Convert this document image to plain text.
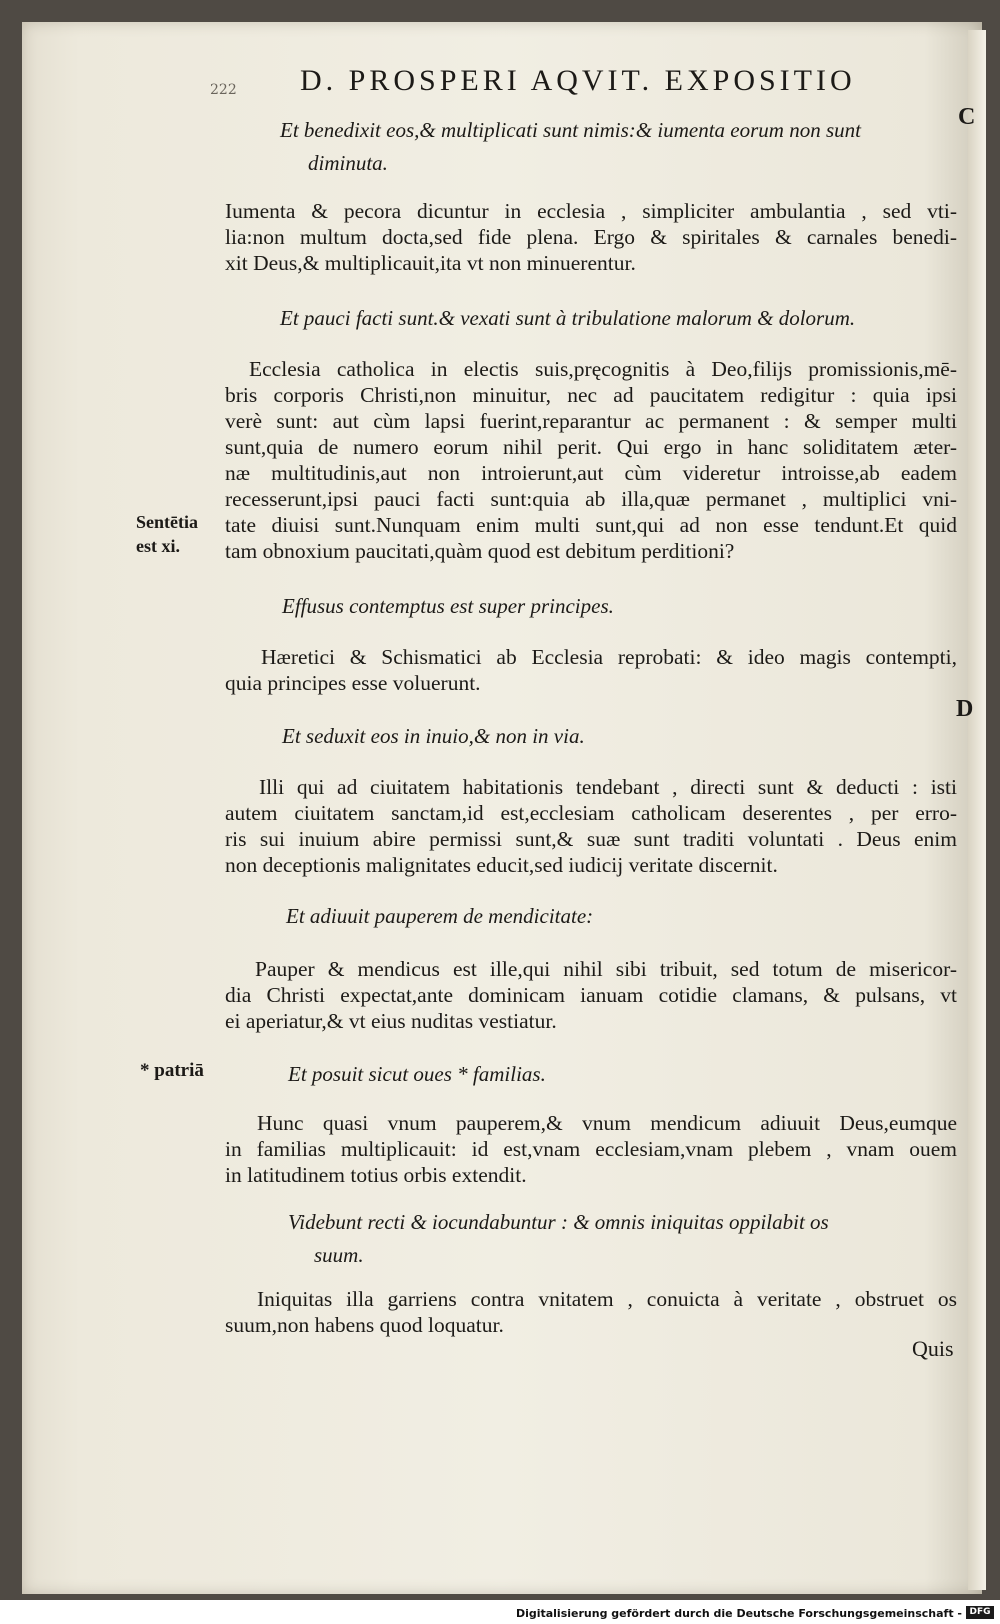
222 D. PROSPERI AQVIT. EXPOSITIO
C
D
Sentētia
est xi.
* patriā
Et benedixit eos,& multiplicati sunt nimis:& iumenta eorum non sunt
diminuta.
Iumenta & pecora dicuntur in ecclesia , simpliciter ambulantia , sed vti-
lia:non multum docta,sed fide plena. Ergo & spiritales & carnales benedi-
xit Deus,& multiplicauit,ita vt non minuerentur.
Et pauci facti sunt.& vexati sunt à tribulatione malorum & dolorum.
Ecclesia catholica in electis suis,pręcognitis à Deo,filijs promissionis,mē-
bris corporis Christi,non minuitur, nec ad paucitatem redigitur : quia ipsi
verè sunt: aut cùm lapsi fuerint,reparantur ac permanent : & semper multi
sunt,quia de numero eorum nihil perit. Qui ergo in hanc soliditatem æter-
næ multitudinis,aut non introierunt,aut cùm videretur introisse,ab eadem
recesserunt,ipsi pauci facti sunt:quia ab illa,quæ permanet , multiplici vni-
tate diuisi sunt.Nunquam enim multi sunt,qui ad non esse tendunt.Et quid
tam obnoxium paucitati,quàm quod est debitum perditioni?
Effusus contemptus est super principes.
Hæretici & Schismatici ab Ecclesia reprobati: & ideo magis contempti,
quia principes esse voluerunt.
Et seduxit eos in inuio,& non in via.
Illi qui ad ciuitatem habitationis tendebant , directi sunt & deducti : isti
autem ciuitatem sanctam,id est,ecclesiam catholicam deserentes , per erro-
ris sui inuium abire permissi sunt,& suæ sunt traditi voluntati . Deus enim
non deceptionis malignitates educit,sed iudicij veritate discernit.
Et adiuuit pauperem de mendicitate:
Pauper & mendicus est ille,qui nihil sibi tribuit, sed totum de misericor-
dia Christi expectat,ante dominicam ianuam cotidie clamans, & pulsans, vt
ei aperiatur,& vt eius nuditas vestiatur.
Et posuit sicut oues * familias.
Hunc quasi vnum pauperem,& vnum mendicum adiuuit Deus,eumque
in familias multiplicauit: id est,vnam ecclesiam,vnam plebem , vnam ouem
in latitudinem totius orbis extendit.
Videbunt recti & iocundabuntur : & omnis iniquitas oppilabit os
suum.
Iniquitas illa garriens contra vnitatem , conuicta à veritate , obstruet os
suum,non habens quod loquatur.
Quis
Digitalisierung gefördert durch die Deutsche Forschungsgemeinschaft - DFG
